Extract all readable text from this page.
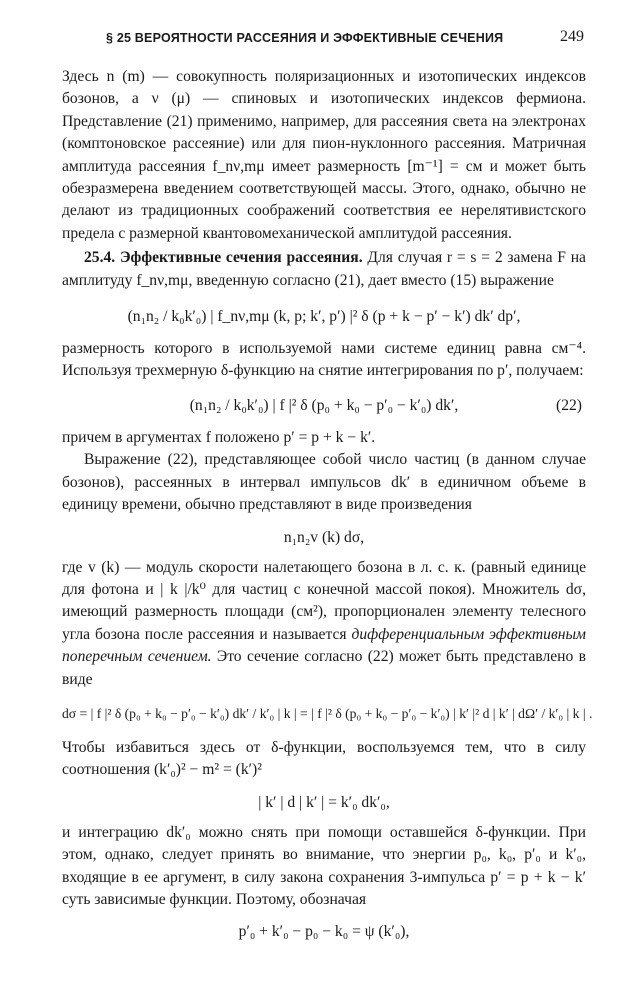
§ 25 ВЕРОЯТНОСТИ РАССЕЯНИЯ И ЭФФЕКТИВНЫЕ СЕЧЕНИЯ	249

Здесь n (m) — совокупность поляризационных и изотопических индексов бозонов, а ν (μ) — спиновых и изотопических индексов фермиона. Представление (21) применимо, например, для рассеяния света на электронах (комптоновское рассеяние) или для пион-нуклонного рассеяния. Матричная амплитуда рассеяния f_nν,mμ имеет размерность [m⁻¹] = см и может быть обезразмерена введением соответствующей массы. Этого, однако, обычно не делают из традиционных соображений соответствия ее нерелятивистского предела с размерной квантовомеханической амплитудой рассеяния.

25.4. Эффективные сечения рассеяния. Для случая r = s = 2 замена F на амплитуду f_nν,mμ, введенную согласно (21), дает вместо (15) выражение

(n₁n₂ / k₀k′₀) | f_nν,mμ (k, p; k′, p′) |² δ (p + k − p′ − k′) dk′ dp′,

размерность которого в используемой нами системе единиц равна см⁻⁴. Используя трехмерную δ-функцию на снятие интегрирования по p′, получаем:

(n₁n₂ / k₀k′₀) | f |² δ (p₀ + k₀ − p′₀ − k′₀) dk′,	(22)

причем в аргументах f положено p′ = p + k − k′.

Выражение (22), представляющее собой число частиц (в данном случае бозонов), рассеянных в интервал импульсов dk′ в единичном объеме в единицу времени, обычно представляют в виде произведения

n₁n₂v (k) dσ,

где v (k) — модуль скорости налетающего бозона в л. с. к. (равный единице для фотона и | k |/k⁰ для частиц с конечной массой покоя). Множитель dσ, имеющий размерность площади (см²), пропорционален элементу телесного угла бозона после рассеяния и называется дифференциальным эффективным поперечным сечением. Это сечение согласно (22) может быть представлено в виде

dσ = | f |² δ (p₀ + k₀ − p′₀ − k′₀) dk′ / k′₀ | k | = | f |² δ (p₀ + k₀ − p′₀ − k′₀) | k′ |² d | k′ | dΩ′ / k′₀ | k | .

Чтобы избавиться здесь от δ-функции, воспользуемся тем, что в силу соотношения (k′₀)² − m² = (k′)²

| k′ | d | k′ | = k′₀ dk′₀,

и интеграцию dk′₀ можно снять при помощи оставшейся δ-функции. При этом, однако, следует принять во внимание, что энергии p₀, k₀, p′₀ и k′₀, входящие в ее аргумент, в силу закона сохранения 3-импульса p′ = p + k − k′ суть зависимые функции. Поэтому, обозначая

p′₀ + k′₀ − p₀ − k₀ = ψ (k′₀),
